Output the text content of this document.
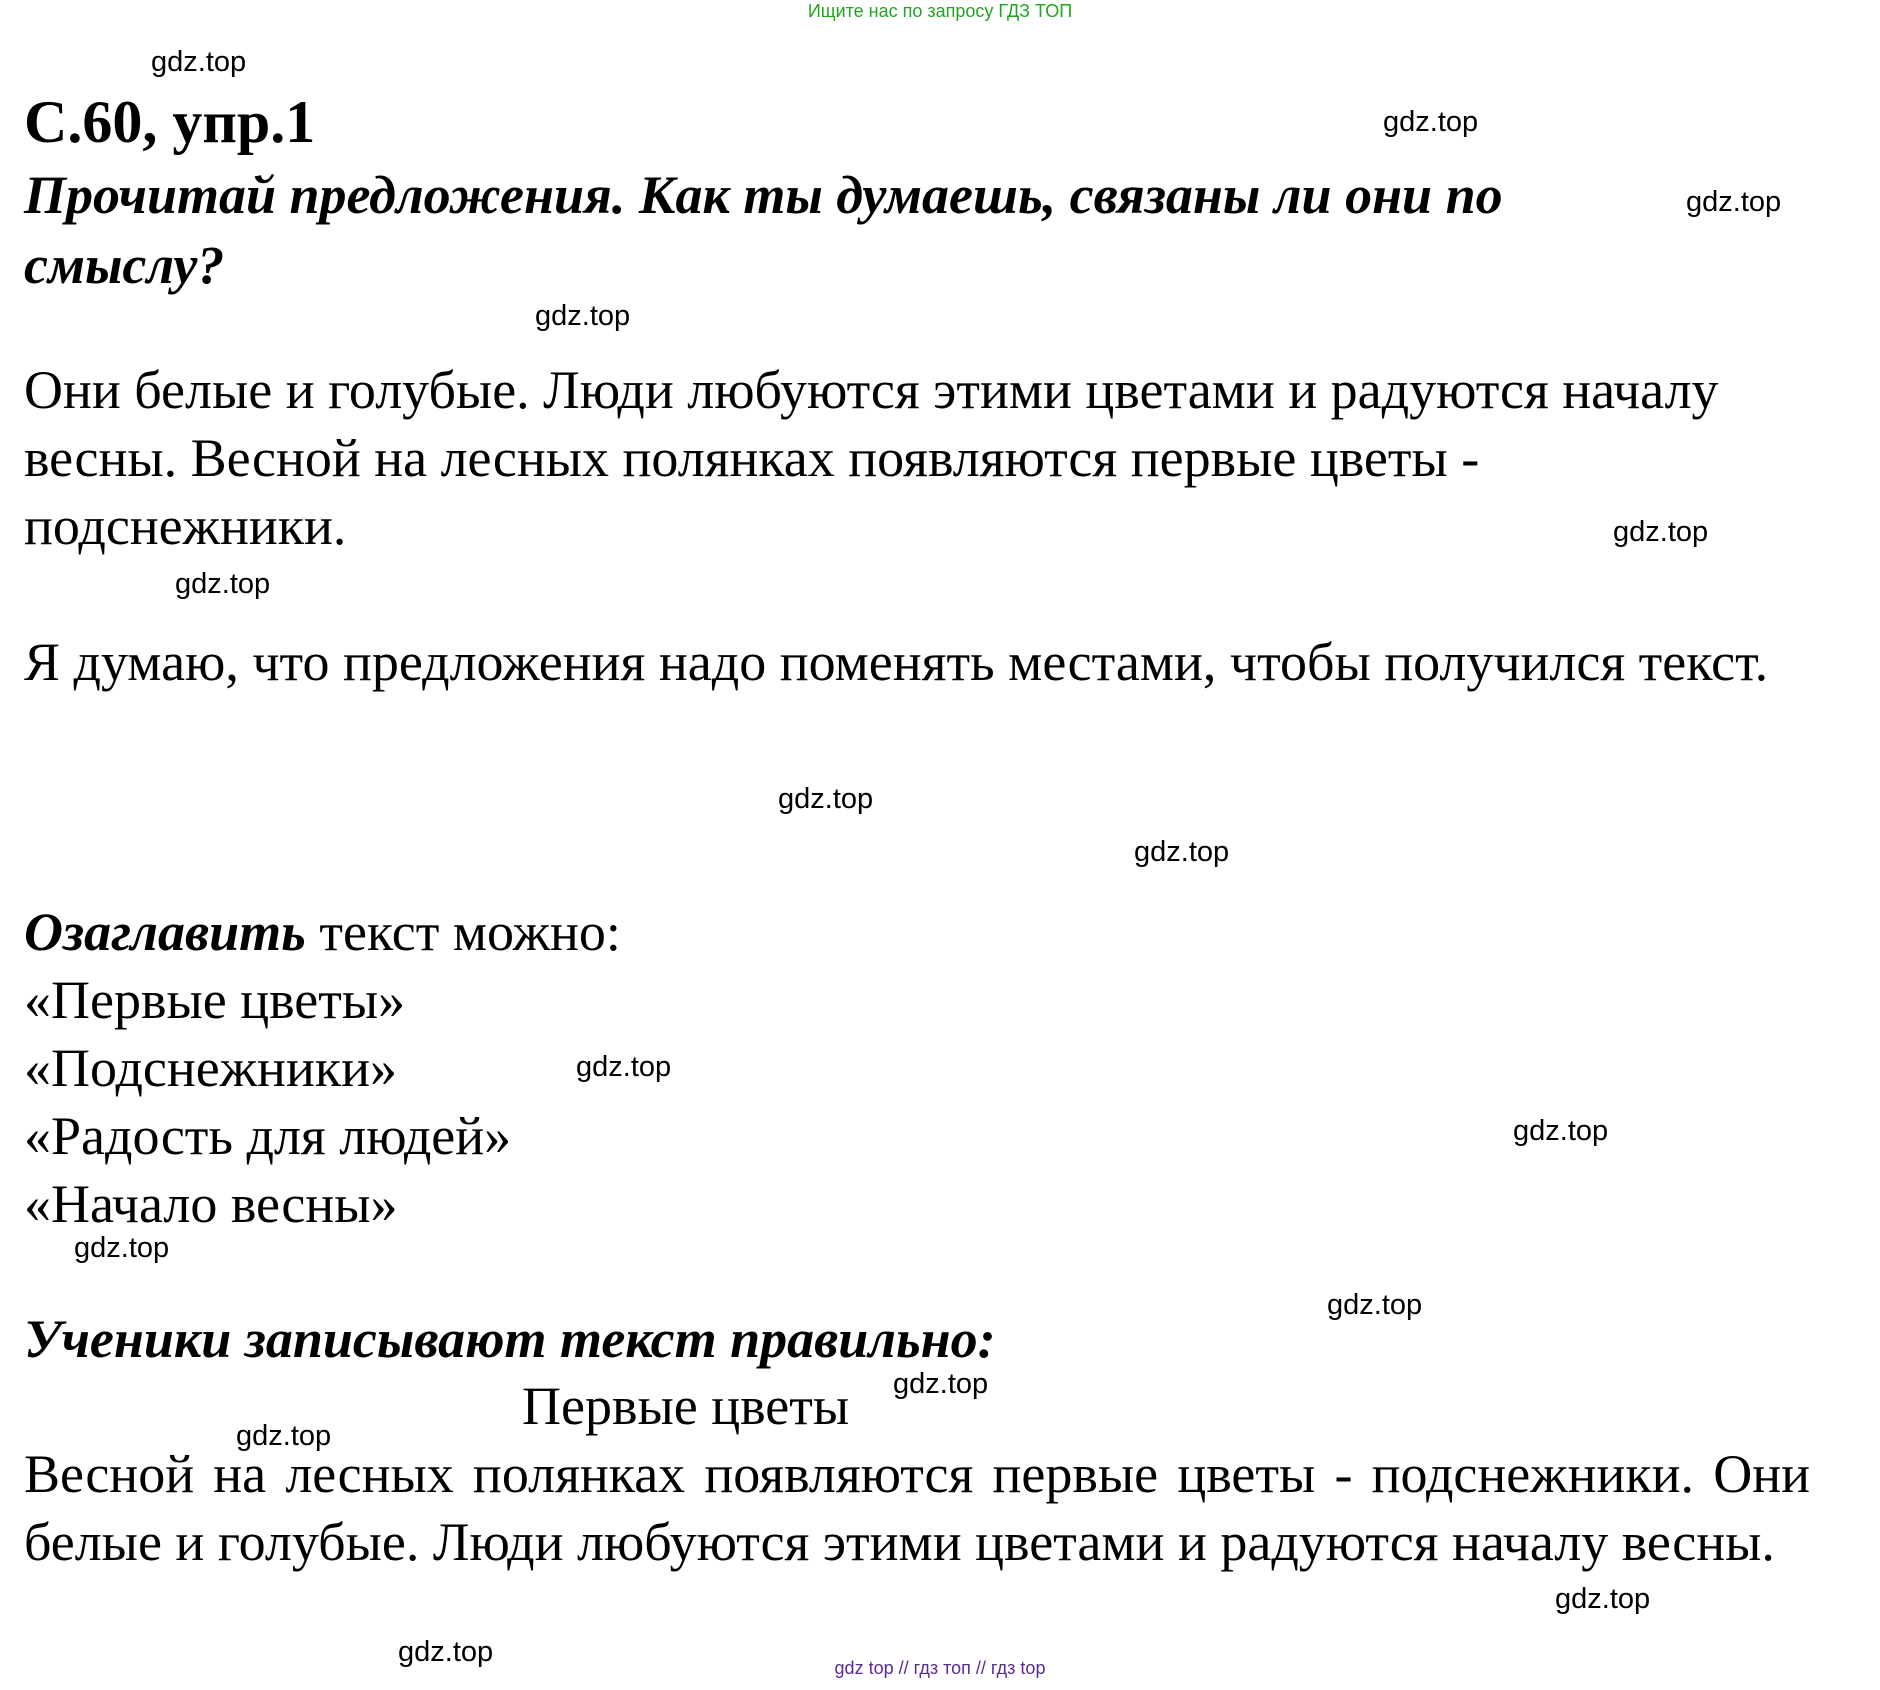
Ищите нас по запросу ГДЗ ТОП
С.60, упр.1

Прочитай предложения. Как ты думаешь, связаны ли они по смыслу?

Они белые и голубые. Люди любуются этими цветами и радуются началу весны. Весной на лесных полянках появляются первые цветы - подснежники.

Я думаю, что предложения надо поменять местами, чтобы получился текст.

Озаглавить текст можно:

«Первые цветы»
«Подснежники»
«Радость для людей»
«Начало весны»

Ученики записывают текст правильно:

Первые цветы

Весной на лесных полянках появляются первые цветы - подснежники. Они белые и голубые. Люди любуются этими цветами и радуются началу весны.

gdz.top
gdz.top
gdz.top
gdz.top
gdz.top
gdz.top
gdz.top
gdz.top
gdz.top
gdz.top
gdz.top
gdz.top
gdz.top
gdz.top
gdz.top
gdz.top	gdz top // гдз топ // гдз top
